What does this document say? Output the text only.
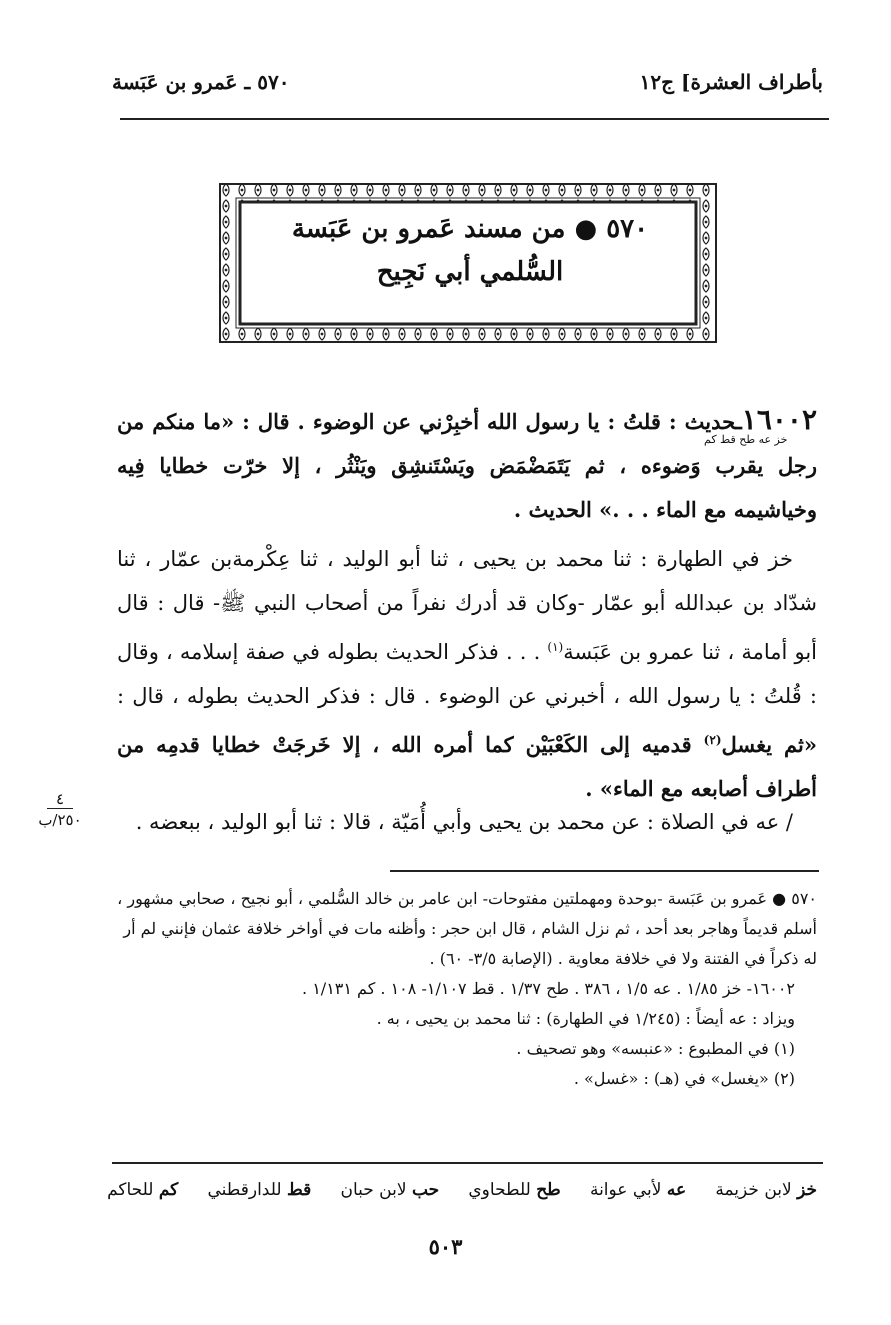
بأطراف العشرة] ج١٢
٥٧٠ ـ عَمرو بن عَبَسة
٥٧٠ ● من مسند عَمرو بن عَبَسة
السُّلمي أبي نَجِيح
خز عه طح قط كم
١٦٠٠٢ـحديث : قلتُ : يا رسول الله أخبِرْني عن الوضوء . قال : «ما منكم من رجل يقرب وَضوءه ، ثم يَتَمَضْمَض ويَسْتَنشِق ويَنْثُر ، إلا خرّت خطايا فِيه وخياشيمه مع الماء . . .» الحديث .
خز في الطهارة : ثنا محمد بن يحيى ، ثنا أبو الوليد ، ثنا عِكْرمةبن عمّار ، ثنا شدّاد بن عبدالله أبو عمّار -وكان قد أدرك نفراً من أصحاب النبي ﷺ- قال : قال أبو أمامة ، ثنا عمرو بن عَبَسة$^{(١)}$ . . . فذكر الحديث بطوله في صفة إسلامه ، وقال : قُلتُ : يا رسول الله ، أخبرني عن الوضوء . قال : فذكر الحديث بطوله ، قال : «ثم يغسل$^{(٢)}$ قدميه إلى الكَعْبَيْن كما أمره الله ، إلا خَرجَتْ خطايا قدمِه من أطراف أصابعه مع الماء» .
/ عه في الصلاة : عن محمد بن يحيى وأبي أُمَيّة ، قالا : ثنا أبو الوليد ، ببعضه .
٤
٢٥٠/ب

٥٧٠ ● عَمرو بن عَبَسة -بوحدة ومهملتين مفتوحات- ابن عامر بن خالد السُّلمي ، أبو نجيح ، صحابي مشهور ، أسلم قديماً وهاجر بعد أحد ، ثم نزل الشام ، قال ابن حجر : وأظنه مات في أواخر خلافة عثمان فإنني لم أر له ذكراً في الفتنة ولا في خلافة معاوية . (الإصابة ٣/٥- ٦٠) .

١٦٠٠٢- خز ١/٨٥ . عه ١/٥ ، ٣٨٦ . طح ١/٣٧ . قط ١/١٠٧- ١٠٨ . كم ١/١٣١ .

ويزاد : عه أيضاً : (١/٢٤٥ في الطهارة) : ثنا محمد بن يحيى ، به .

(١) في المطبوع : «عنبسه» وهو تصحيف .

(٢) «يغسل» في (هـ) : «غسل» .

خز لابن خزيمة
عه لأبي عوانة
طح للطحاوي
حب لابن حبان
قط للدارقطني
كم للحاكم
٥٠٣
